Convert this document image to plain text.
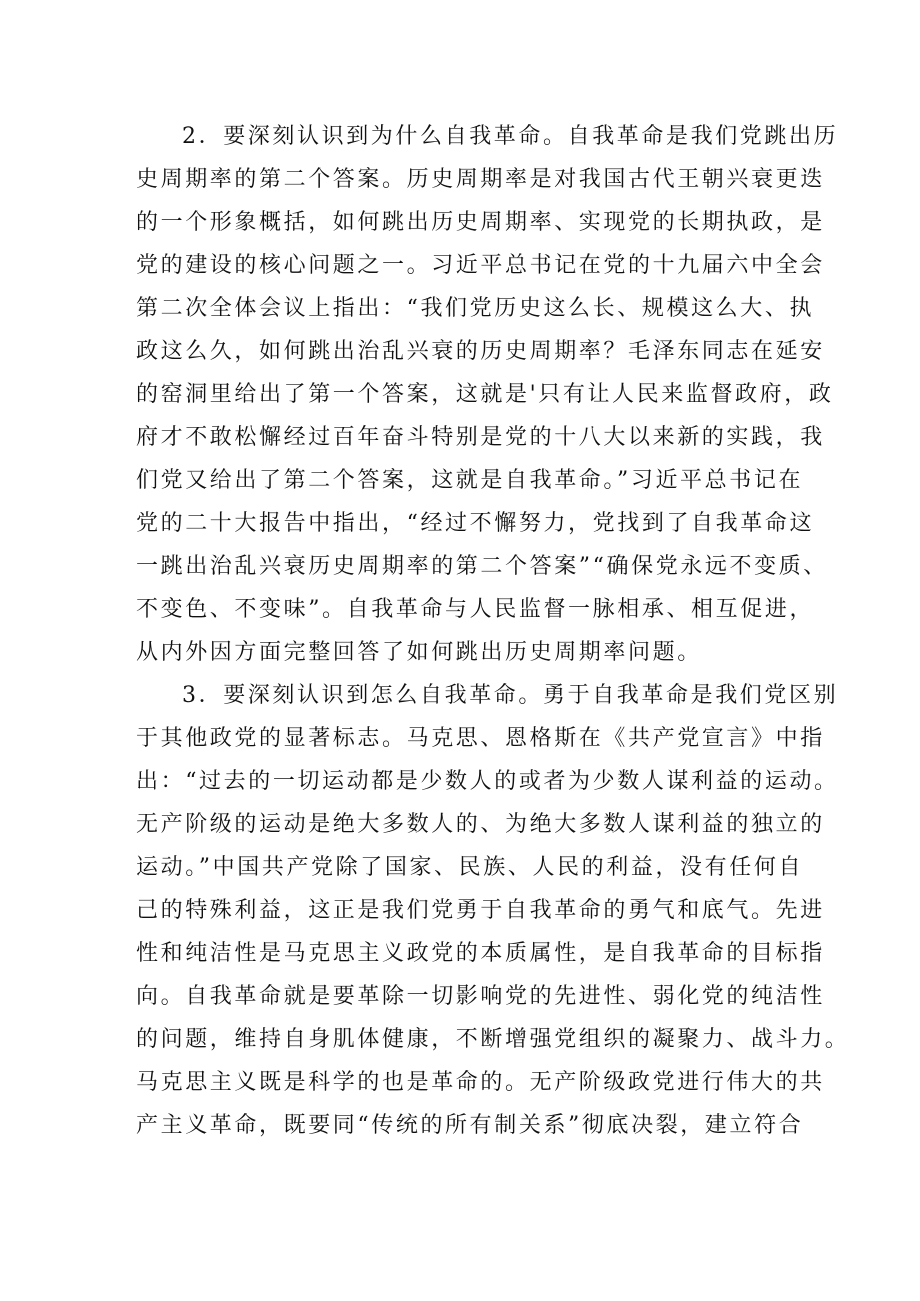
2．要深刻认识到为什么自我革命。自我革命是我们党跳出历
史周期率的第二个答案。历史周期率是对我国古代王朝兴衰更迭
的一个形象概括，如何跳出历史周期率、实现党的长期执政，是
党的建设的核心问题之一。习近平总书记在党的十九届六中全会
第二次全体会议上指出：“我们党历史这么长、规模这么大、执
政这么久，如何跳出治乱兴衰的历史周期率？毛泽东同志在延安
的窑洞里给出了第一个答案，这就是'只有让人民来监督政府，政
府才不敢松懈经过百年奋斗特别是党的十八大以来新的实践，我
们党又给出了第二个答案，这就是自我革命。”习近平总书记在
党的二十大报告中指出，“经过不懈努力，党找到了自我革命这
一跳出治乱兴衰历史周期率的第二个答案”“确保党永远不变质、
不变色、不变味”。自我革命与人民监督一脉相承、相互促进，
从内外因方面完整回答了如何跳出历史周期率问题。
3．要深刻认识到怎么自我革命。勇于自我革命是我们党区别
于其他政党的显著标志。马克思、恩格斯在《共产党宣言》中指
出：“过去的一切运动都是少数人的或者为少数人谋利益的运动。
无产阶级的运动是绝大多数人的、为绝大多数人谋利益的独立的
运动。”中国共产党除了国家、民族、人民的利益，没有任何自
己的特殊利益，这正是我们党勇于自我革命的勇气和底气。先进
性和纯洁性是马克思主义政党的本质属性，是自我革命的目标指
向。自我革命就是要革除一切影响党的先进性、弱化党的纯洁性
的问题，维持自身肌体健康，不断增强党组织的凝聚力、战斗力。
马克思主义既是科学的也是革命的。无产阶级政党进行伟大的共
产主义革命，既要同“传统的所有制关系”彻底决裂，建立符合
